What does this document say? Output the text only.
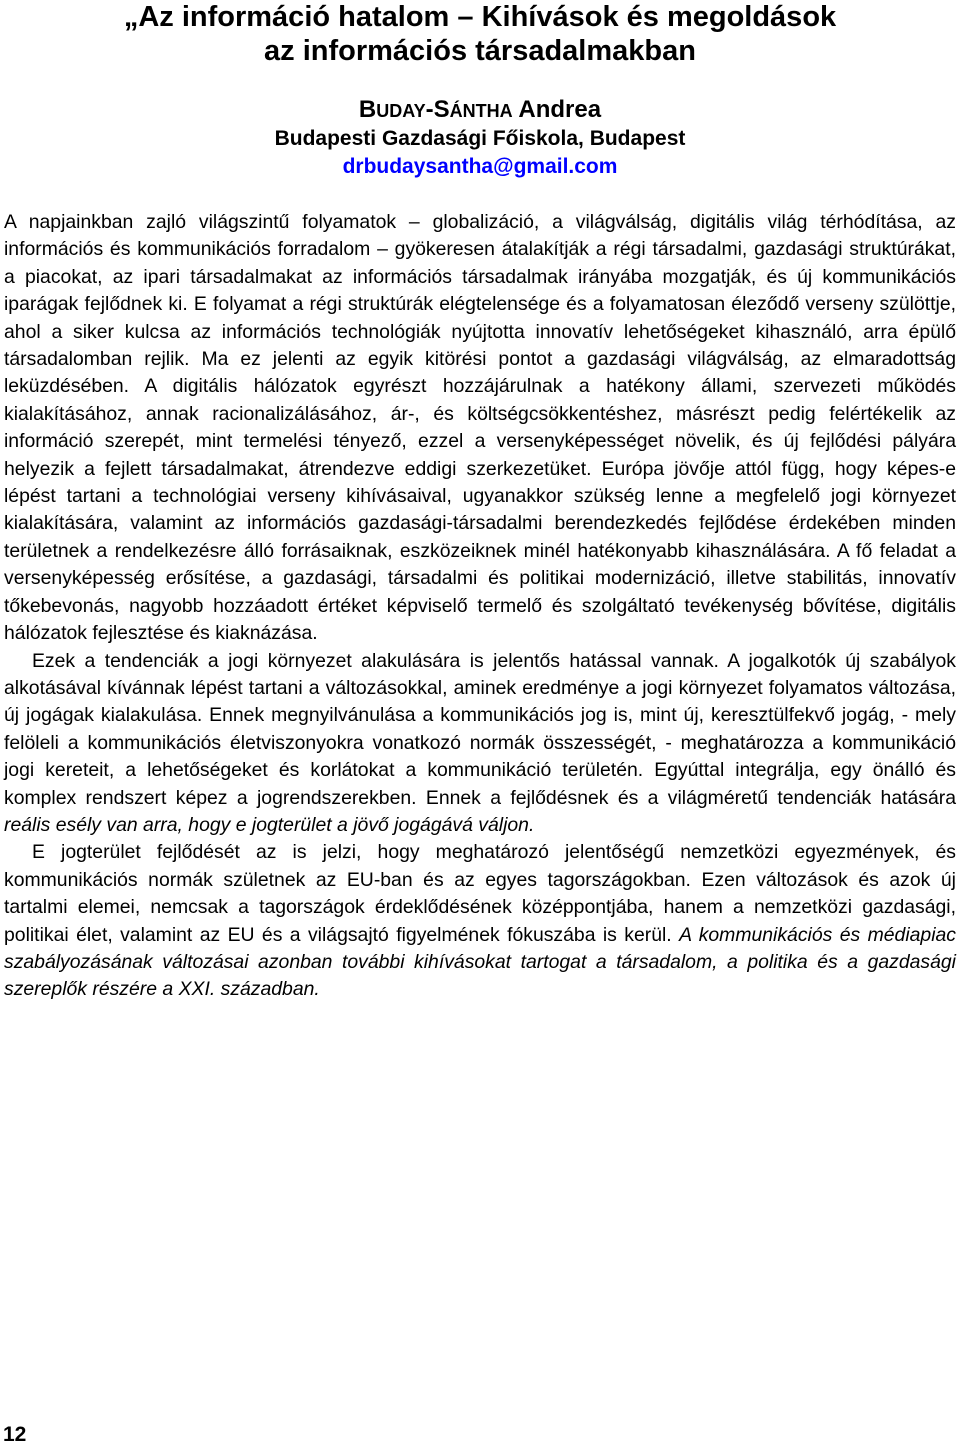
„Az információ hatalom – Kihívások és megoldások
az információs társadalmakban
BUDAY-SÁNTHA Andrea
Budapesti Gazdasági Főiskola, Budapest
drbudaysantha@gmail.com

A napjainkban zajló világszintű folyamatok – globalizáció, a világválság, digitális világ térhódítása, az információs és kommunikációs forradalom – gyökeresen átalakítják a régi társadalmi, gazdasági struktúrákat, a piacokat, az ipari társadalmakat az információs társadalmak irányába mozgatják, és új kommunikációs iparágak fejlődnek ki. E folyamat a régi struktúrák elégtelensége és a folyamatosan éleződő verseny szülöttje, ahol a siker kulcsa az információs technológiák nyújtotta innovatív lehetőségeket kihasználó, arra épülő társadalomban rejlik. Ma ez jelenti az egyik kitörési pontot a gazdasági világválság, az elmaradottság leküzdésében. A digitális hálózatok egyrészt hozzájárulnak a hatékony állami, szervezeti működés kialakításához, annak racionalizálásához, ár-, és költségcsökkentéshez, másrészt pedig felértékelik az információ szerepét, mint termelési tényező, ezzel a versenyképességet növelik, és új fejlődési pályára helyezik a fejlett társadalmakat, átrendezve eddigi szerkezetüket. Európa jövője attól függ, hogy képes-e lépést tartani a technológiai verseny kihívásaival, ugyanakkor szükség lenne a megfelelő jogi környezet kialakítására, valamint az információs gazdasági-társadalmi berendezkedés fejlődése érdekében minden területnek a rendelkezésre álló forrásaiknak, eszközeiknek minél hatékonyabb kihasználására. A fő feladat a versenyképesség erősítése, a gazdasági, társadalmi és politikai modernizáció, illetve stabilitás, innovatív tőkebevonás, nagyobb hozzáadott értéket képviselő termelő és szolgáltató tevékenység bővítése, digitális hálózatok fejlesztése és kiaknázása.

Ezek a tendenciák a jogi környezet alakulására is jelentős hatással vannak. A jogalkotók új szabályok alkotásával kívánnak lépést tartani a változásokkal, aminek eredménye a jogi környezet folyamatos változása, új jogágak kialakulása. Ennek megnyilvánulása a kommunikációs jog is, mint új, keresztülfekvő jogág, - mely felöleli a kommunikációs életviszonyokra vonatkozó normák összességét, - meghatározza a kommunikáció jogi kereteit, a lehetőségeket és korlátokat a kommunikáció területén. Egyúttal integrálja, egy önálló és komplex rendszert képez a jogrendszerekben. Ennek a fejlődésnek és a világméretű tendenciák hatására reális esély van arra, hogy e jogterület a jövő jogágává váljon.

E jogterület fejlődését az is jelzi, hogy meghatározó jelentőségű nemzetközi egyezmények, és kommunikációs normák születnek az EU-ban és az egyes tagországokban. Ezen változások és azok új tartalmi elemei, nemcsak a tagországok érdeklődésének középpontjába, hanem a nemzetközi gazdasági, politikai élet, valamint az EU és a világsajtó figyelmének fókuszába is kerül. A kommunikációs és médiapiac szabályozásának változásai azonban további kihívásokat tartogat a társadalom, a politika és a gazdasági szereplők részére a XXI. században.

12
